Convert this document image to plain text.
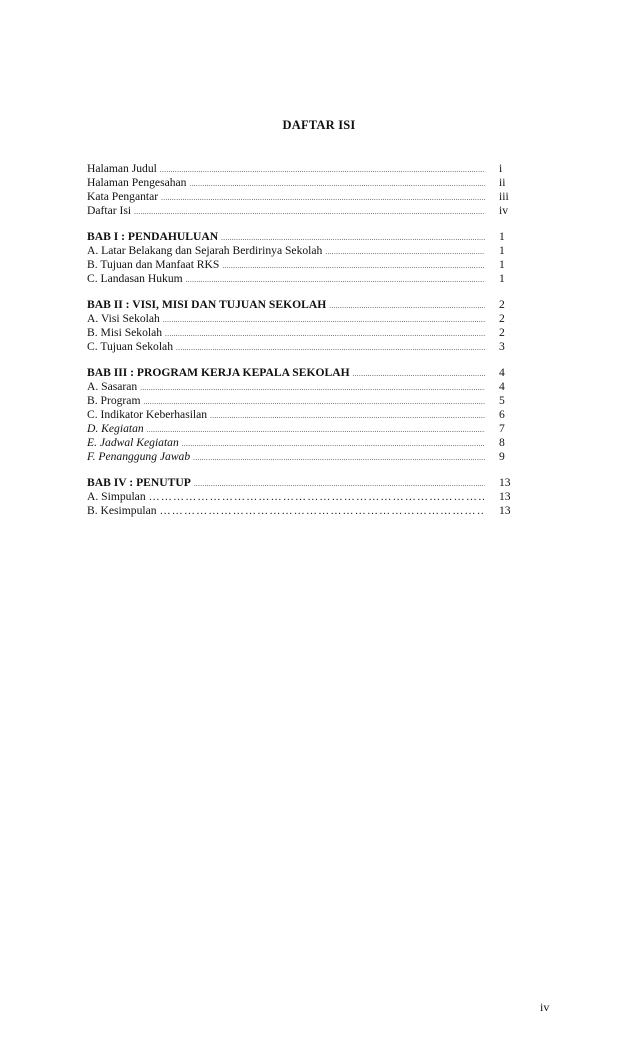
DAFTAR ISI
Halaman Judul .....	i
Halaman Pengesahan .....	ii
Kata Pengantar .....	iii
Daftar Isi .....	iv
BAB I : PENDAHULUAN .....	1
A. Latar Belakang dan Sejarah Berdirinya Sekolah .....	1
B. Tujuan dan Manfaat RKS .....	1
C. Landasan Hukum .....	1
BAB II : VISI, MISI DAN TUJUAN SEKOLAH .....	2
A. Visi Sekolah .....	2
B. Misi Sekolah .....	2
C. Tujuan Sekolah .....	3
BAB III : PROGRAM KERJA KEPALA SEKOLAH .....	4
A. Sasaran .....	4
B. Program .....	5
C. Indikator Keberhasilan .....	6
D. Kegiatan .....	7
E. Jadwal Kegiatan .....	8
F. Penanggung Jawab .....	9
BAB IV : PENUTUP .....	13
A. Simpulan …………………………………………………………………………………………………………………………………………………	13
B. Kesimpulan …………………………………………………………………………………………………………………………………………………	13
iv
